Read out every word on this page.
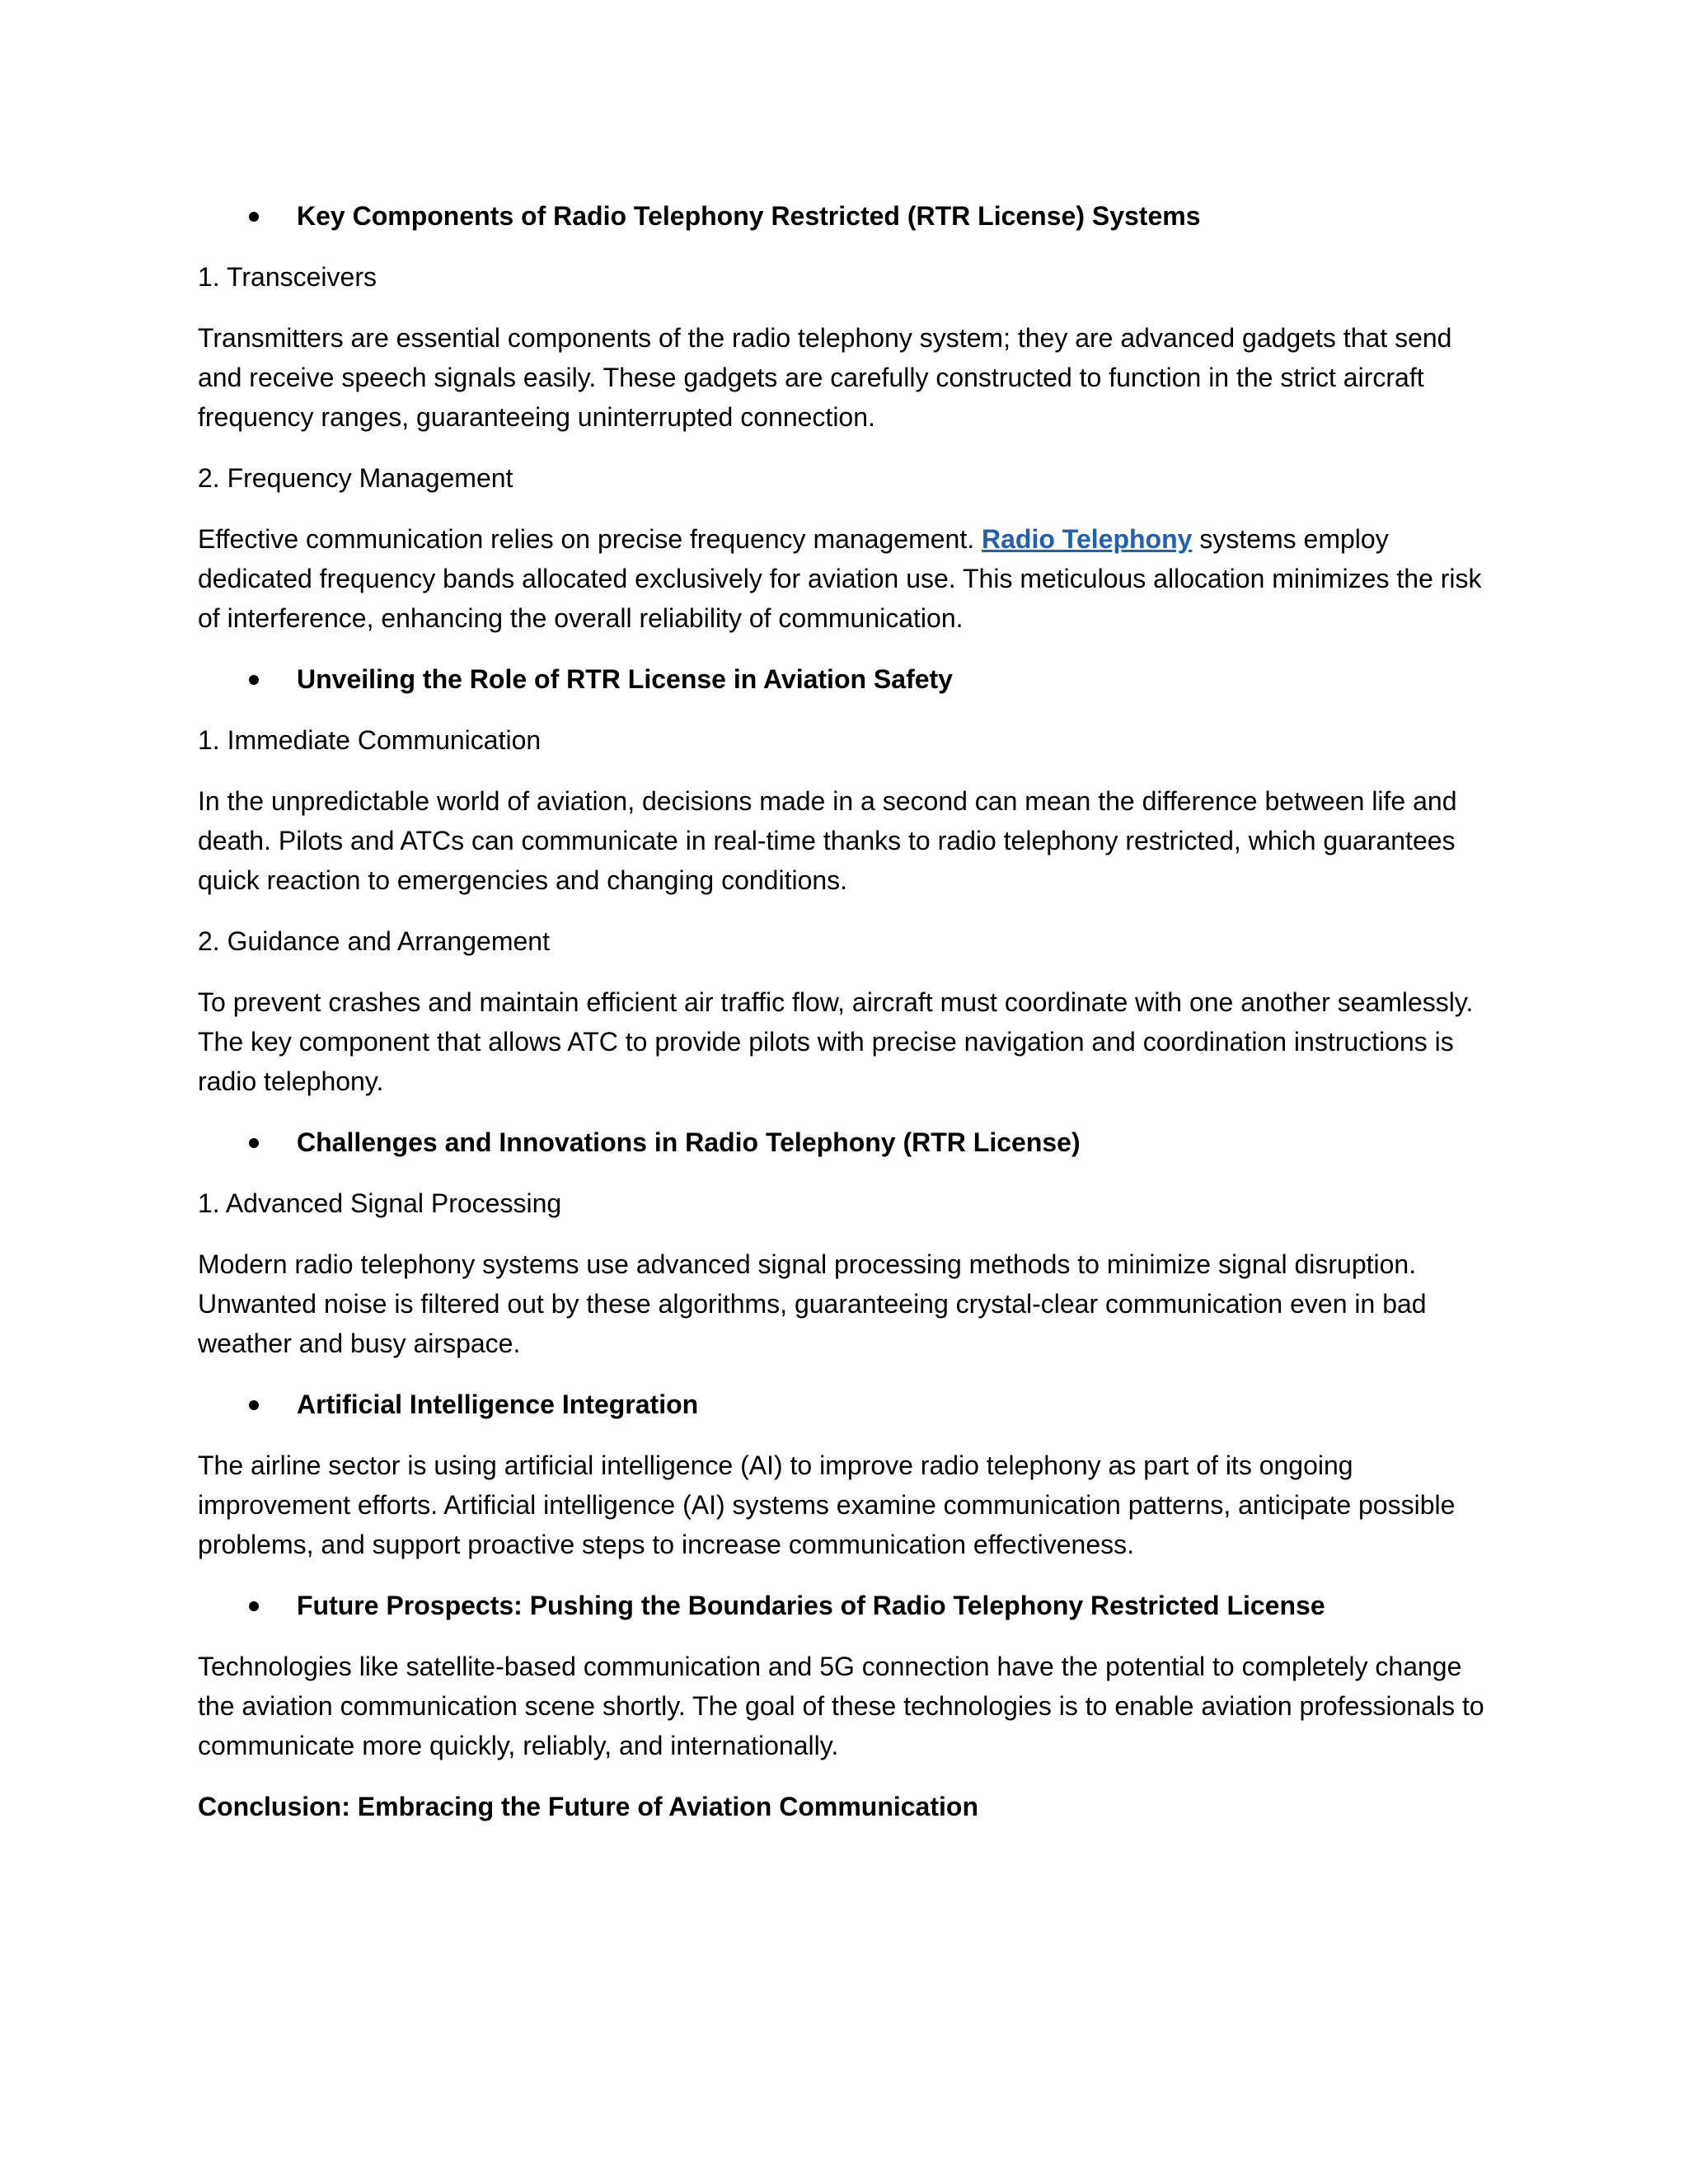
Key Components of Radio Telephony Restricted (RTR License) Systems
1. Transceivers
Transmitters are essential components of the radio telephony system; they are advanced gadgets that send and receive speech signals easily. These gadgets are carefully constructed to function in the strict aircraft frequency ranges, guaranteeing uninterrupted connection.
2. Frequency Management
Effective communication relies on precise frequency management. Radio Telephony systems employ dedicated frequency bands allocated exclusively for aviation use. This meticulous allocation minimizes the risk of interference, enhancing the overall reliability of communication.
Unveiling the Role of RTR License in Aviation Safety
1. Immediate Communication
In the unpredictable world of aviation, decisions made in a second can mean the difference between life and death. Pilots and ATCs can communicate in real-time thanks to radio telephony restricted, which guarantees quick reaction to emergencies and changing conditions.
2. Guidance and Arrangement
To prevent crashes and maintain efficient air traffic flow, aircraft must coordinate with one another seamlessly. The key component that allows ATC to provide pilots with precise navigation and coordination instructions is radio telephony.
Challenges and Innovations in Radio Telephony (RTR License)
1. Advanced Signal Processing
Modern radio telephony systems use advanced signal processing methods to minimize signal disruption. Unwanted noise is filtered out by these algorithms, guaranteeing crystal-clear communication even in bad weather and busy airspace.
Artificial Intelligence Integration
The airline sector is using artificial intelligence (AI) to improve radio telephony as part of its ongoing improvement efforts. Artificial intelligence (AI) systems examine communication patterns, anticipate possible problems, and support proactive steps to increase communication effectiveness.
Future Prospects: Pushing the Boundaries of Radio Telephony Restricted License
Technologies like satellite-based communication and 5G connection have the potential to completely change the aviation communication scene shortly. The goal of these technologies is to enable aviation professionals to communicate more quickly, reliably, and internationally.
Conclusion: Embracing the Future of Aviation Communication
